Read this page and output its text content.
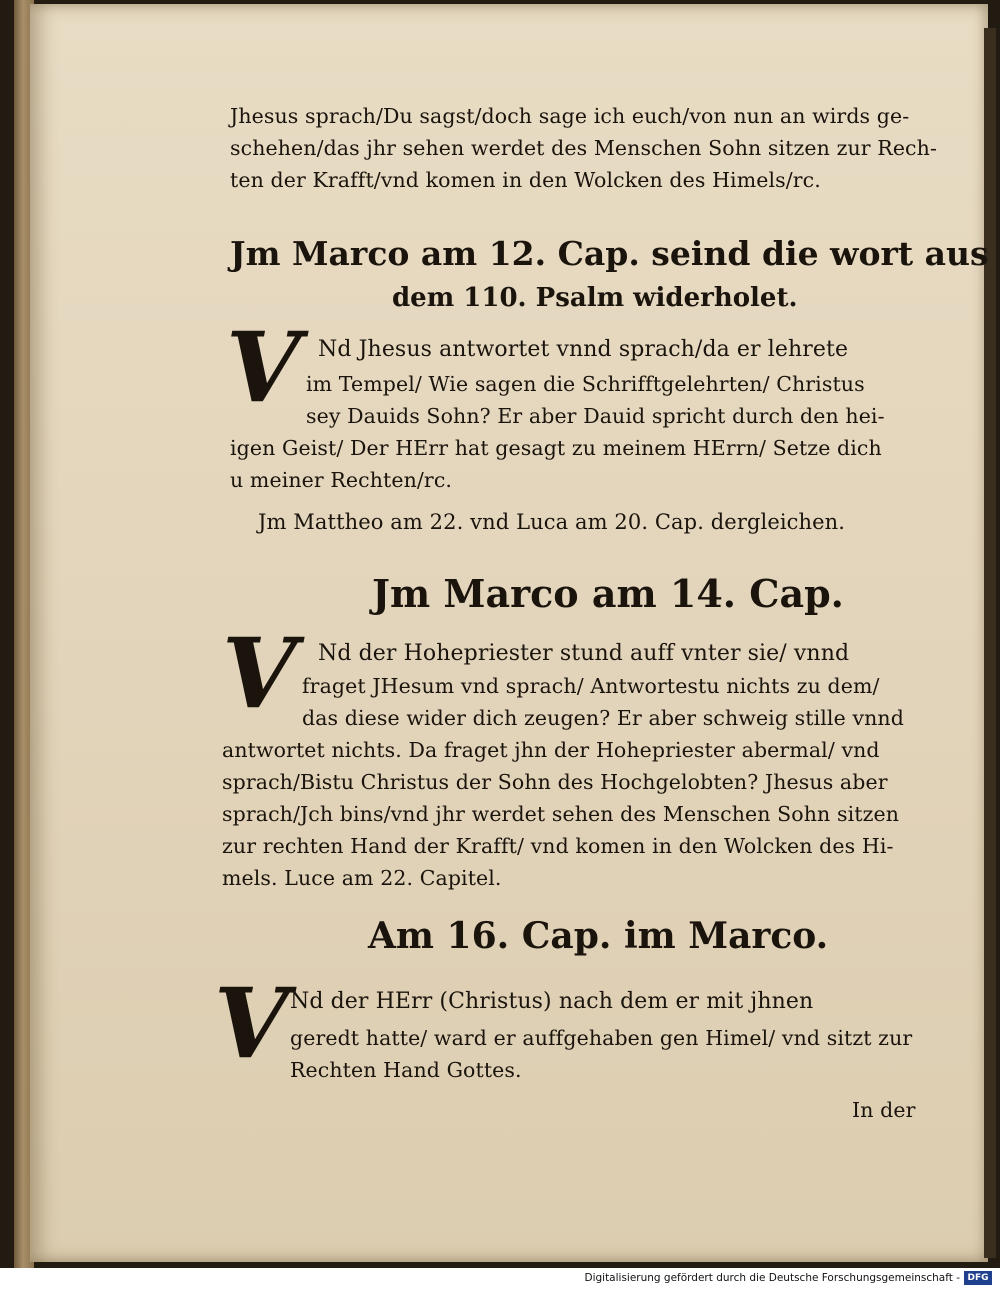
Jhesus sprach/Du sagst/doch sage ich euch/von nun an wirds ge-
schehen/das jhr sehen werdet des Menschen Sohn sitzen zur Rech-
ten der Krafft/vnd komen in den Wolcken des Himels/rc.
Jm Marco am 12. Cap. seind die wort aus
dem 110. Psalm widerholet.
V Nd Jhesus antwortet vnnd sprach/da er lehrete
im Tempel/ Wie sagen die Schrifftgelehrten/ Christus
sey Dauids Sohn? Er aber Dauid spricht durch den hei-
igen Geist/ Der HErr hat gesagt zu meinem HErrn/ Setze dich
u meiner Rechten/rc.
Jm Mattheo am 22. vnd Luca am 20. Cap. dergleichen.
Jm Marco am 14. Cap.
V Nd der Hohepriester stund auff vnter sie/ vnnd
fraget JHesum vnd sprach/ Antwortestu nichts zu dem/
das diese wider dich zeugen? Er aber schweig stille vnnd
antwortet nichts. Da fraget jhn der Hohepriester abermal/ vnd
sprach/Bistu Christus der Sohn des Hochgelobten? Jhesus aber
sprach/Jch bins/vnd jhr werdet sehen des Menschen Sohn sitzen
zur rechten Hand der Krafft/ vnd komen in den Wolcken des Hi-
mels. Luce am 22. Capitel.
Am 16. Cap. im Marco.
V Nd der HErr (Christus) nach dem er mit jhnen
geredt hatte/ ward er auffgehaben gen Himel/ vnd sitzt zur
Rechten Hand Gottes.
In der
Digitalisierung gefördert durch die Deutsche Forschungsgemeinschaft - DFG
